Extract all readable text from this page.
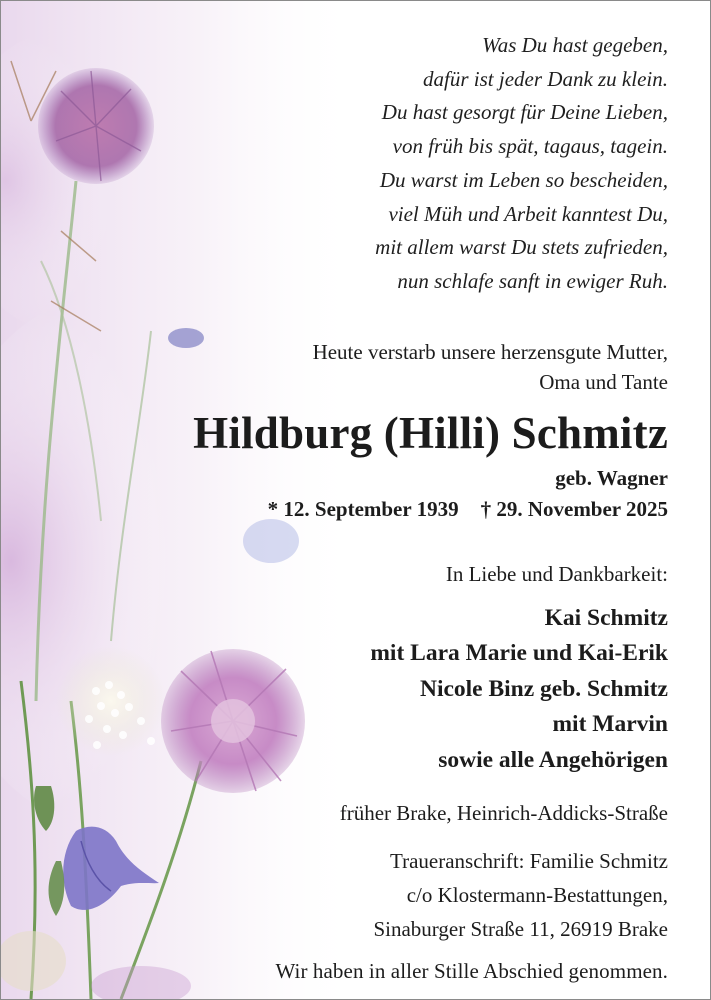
Was Du hast gegeben,
dafür ist jeder Dank zu klein.
Du hast gesorgt für Deine Lieben,
von früh bis spät, tagaus, tagein.
Du warst im Leben so bescheiden,
viel Müh und Arbeit kanntest Du,
mit allem warst Du stets zufrieden,
nun schlafe sanft in ewiger Ruh.
Heute verstarb unsere herzensgute Mutter,
Oma und Tante
Hildburg (Hilli) Schmitz
geb. Wagner
* 12. September 1939 † 29. November 2025
In Liebe und Dankbarkeit:
Kai Schmitz
mit Lara Marie und Kai-Erik
Nicole Binz geb. Schmitz
mit Marvin
sowie alle Angehörigen
früher Brake, Heinrich-Addicks-Straße
Traueranschrift: Familie Schmitz
c/o Klostermann-Bestattungen,
Sinaburger Straße 11, 26919 Brake
Wir haben in aller Stille Abschied genommen.
